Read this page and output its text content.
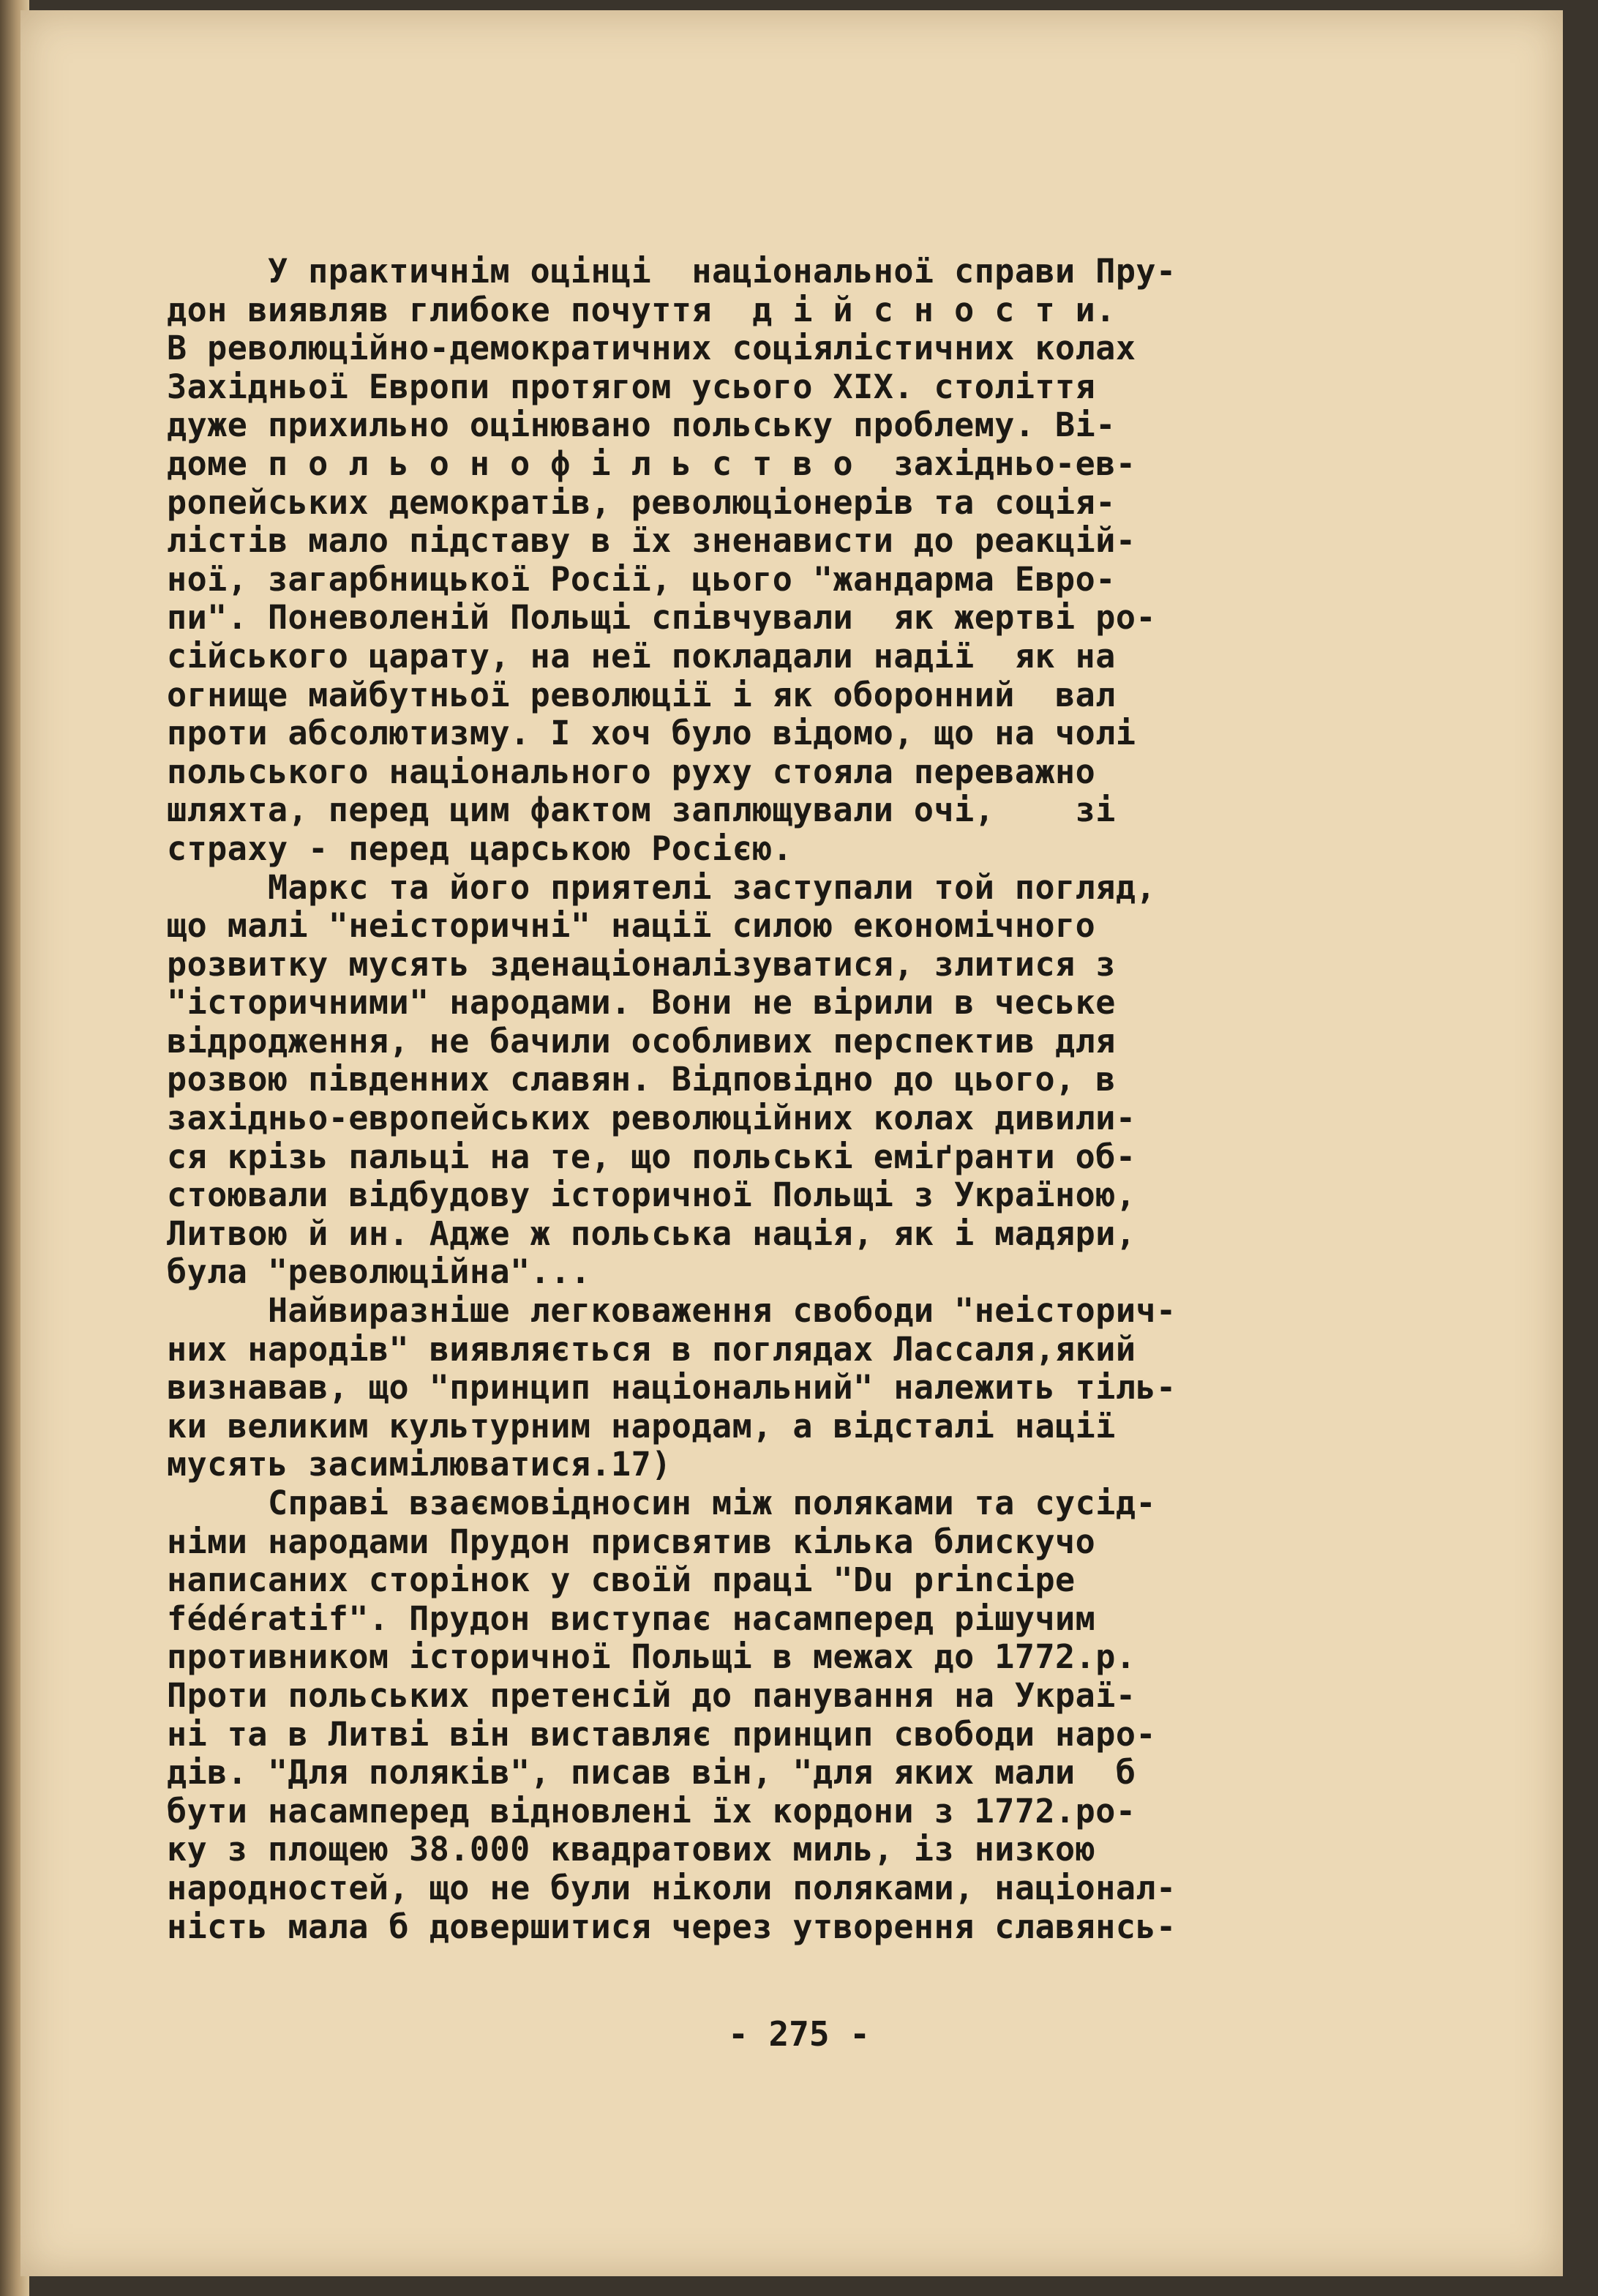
У практичнім оцінці  національної справи Пру-
дон виявляв глибоке почуття  д і й с н о с т и.
В революційно-демократичних соціялістичних колах
Західньої Европи протягом усього XIX. століття
дуже прихильно оцінювано польську проблему. Ві-
доме п о л ь о н о ф і л ь с т в о  західньо-ев-
ропейських демократів, революціонерів та соція-
лістів мало підставу в їх зненависти до реакцій-
ної, загарбницької Росії, цього "жандарма Евро-
пи". Поневоленій Польщі співчували  як жертві ро-
сійського царату, на неї покладали надії  як на
огнище майбутньої революції і як оборонний  вал
проти абсолютизму. І хоч було відомо, що на чолі
польського національного руху стояла переважно
шляхта, перед цим фактом заплющували очі,    зі
страху - перед царською Росією.
Маркс та його приятелі заступали той погляд,
що малі "неісторичні" нації силою економічного
розвитку мусять зденаціоналізуватися, злитися з
"історичними" народами. Вони не вірили в чеське
відродження, не бачили особливих перспектив для
розвою південних славян. Відповідно до цього, в
західньо-европейських революційних колах дивили-
ся крізь пальці на те, що польські еміґранти об-
стоювали відбудову історичної Польщі з Україною,
Литвою й ин. Адже ж польська нація, як і мадяри,
була "революційна"...
Найвиразніше легковаження свободи "неісторич-
них народів" виявляється в поглядах Лассаля,який
визнавав, що "принцип національний" належить тіль-
ки великим культурним народам, а відсталі нації
мусять засимілюватися.17)
Справі взаємовідносин між поляками та сусід-
німи народами Прудон присвятив кілька блискучо
написаних сторінок у своїй праці "Du principe
fédératif". Прудон виступає насамперед рішучим
противником історичної Польщі в межах до 1772.р.
Проти польських претенсій до панування на Украї-
ні та в Литві він виставляє принцип свободи наро-
дів. "Для поляків", писав він, "для яких мали  б
бути насамперед відновлені їх кордони з 1772.ро-
ку з площею 38.000 квадратових миль, із низкою
народностей, що не були ніколи поляками, націонал-
ність мала б довершитися через утворення славянсь-
- 275 -
